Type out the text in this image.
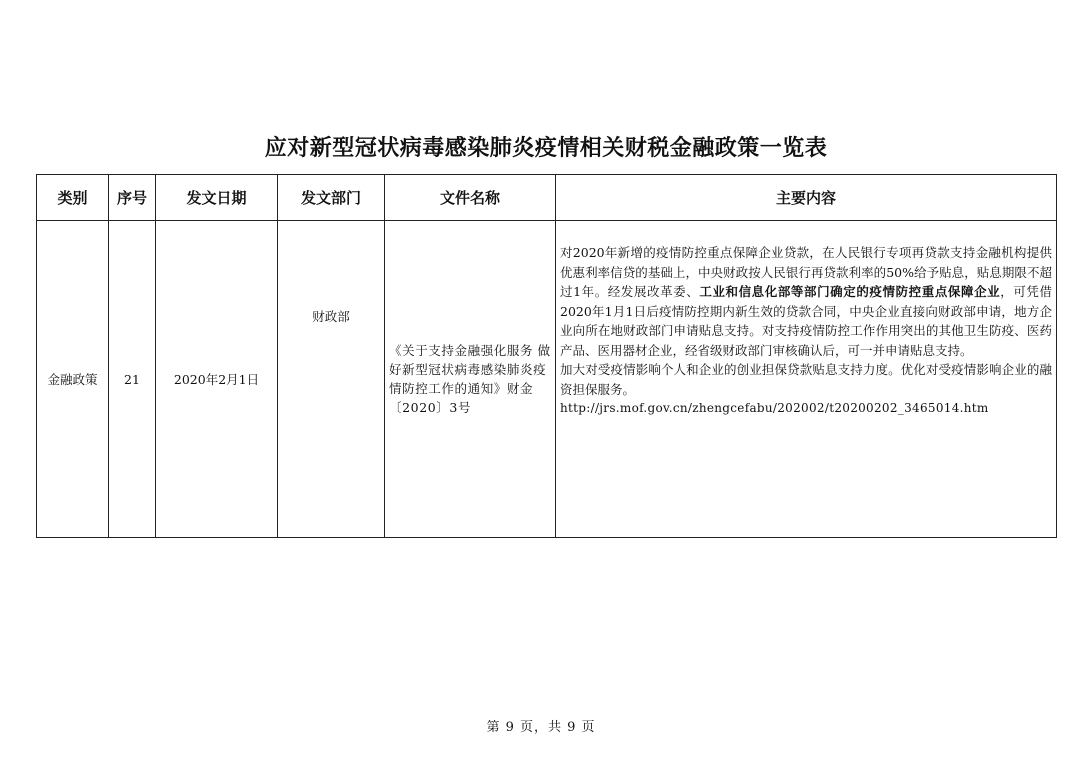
应对新型冠状病毒感染肺炎疫情相关财税金融政策一览表
类别	序号	发文日期	发文部门	文件名称	主要内容
金融政策	21	2020年2月1日	财政部	《关于支持金融强化服务 做好新型冠状病毒感染肺炎疫情防控工作的通知》财金〔2020〕3号	对2020年新增的疫情防控重点保障企业贷款，在人民银行专项再贷款支持金融机构提供优惠利率信贷的基础上，中央财政按人民银行再贷款利率的50%给予贴息，贴息期限不超过1年。经发展改革委、工业和信息化部等部门确定的疫情防控重点保障企业，可凭借2020年1月1日后疫情防控期内新生效的贷款合同，中央企业直接向财政部申请，地方企业向所在地财政部门申请贴息支持。对支持疫情防控工作作用突出的其他卫生防疫、医药产品、医用器材企业，经省级财政部门审核确认后，可一并申请贴息支持。
加大对受疫情影响个人和企业的创业担保贷款贴息支持力度。优化对受疫情影响企业的融资担保服务。
http://jrs.mof.gov.cn/zhengcefabu/202002/t20200202_3465014.htm
第 9 页，共 9 页
